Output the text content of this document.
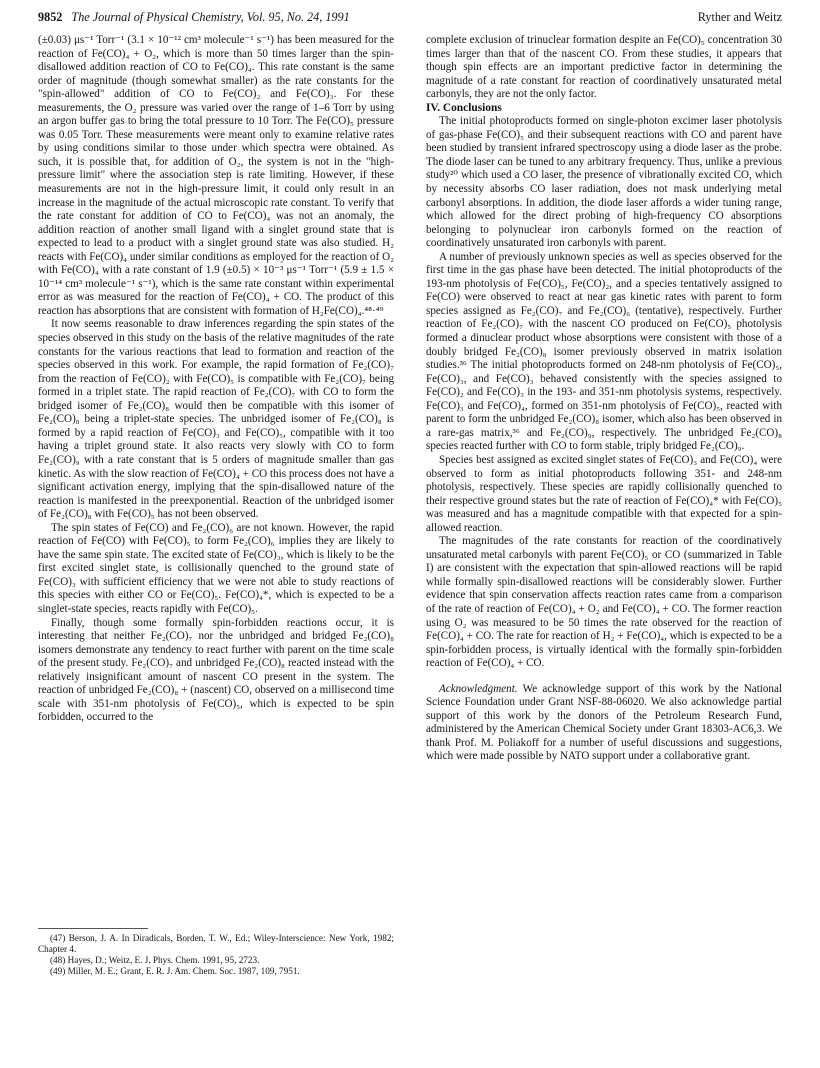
9852 The Journal of Physical Chemistry, Vol. 95, No. 24, 1991	Ryther and Weitz

(±0.03) μs⁻¹ Torr⁻¹ (3.1 × 10⁻¹² cm³ molecule⁻¹ s⁻¹) has been measured for the reaction of Fe(CO)₄ + O₂, which is more than 50 times larger than the spin-disallowed addition reaction of CO to Fe(CO)₄. This rate constant is the same order of magnitude (though somewhat smaller) as the rate constants for the "spin-allowed" addition of CO to Fe(CO)₂ and Fe(CO)₃. For these measurements, the O₂ pressure was varied over the range of 1–6 Torr by using an argon buffer gas to bring the total pressure to 10 Torr. The Fe(CO)₅ pressure was 0.05 Torr. These measurements were meant only to examine relative rates by using conditions similar to those under which spectra were obtained. As such, it is possible that, for addition of O₂, the system is not in the "high-pressure limit" where the association step is rate limiting. However, if these measurements are not in the high-pressure limit, it could only result in an increase in the magnitude of the actual microscopic rate constant. To verify that the rate constant for addition of CO to Fe(CO)₄ was not an anomaly, the addition reaction of another small ligand with a singlet ground state that is expected to lead to a product with a singlet ground state was also studied. H₂ reacts with Fe(CO)₄ under similar conditions as employed for the reaction of O₂ with Fe(CO)₄ with a rate constant of 1.9 (±0.5) × 10⁻³ μs⁻¹ Torr⁻¹ (5.9 ± 1.5 × 10⁻¹⁴ cm³ molecule⁻¹ s⁻¹), which is the same rate constant within experimental error as was measured for the reaction of Fe(CO)₄ + CO. The product of this reaction has absorptions that are consistent with formation of H₂Fe(CO)₄.⁴⁸·⁴⁹

It now seems reasonable to draw inferences regarding the spin states of the species observed in this study on the basis of the relative magnitudes of the rate constants for the various reactions that lead to formation and reaction of the species observed in this work. For example, the rapid formation of Fe₂(CO)₇ from the reaction of Fe(CO)₂ with Fe(CO)₅ is compatible with Fe₂(CO)₇ being formed in a triplet state. The rapid reaction of Fe₂(CO)₇ with CO to form the bridged isomer of Fe₂(CO)₈ would then be compatible with this isomer of Fe₂(CO)₈ being a triplet-state species. The unbridged isomer of Fe₂(CO)₈ is formed by a rapid reaction of Fe(CO)₃ and Fe(CO)₅, compatible with it too having a triplet ground state. It also reacts very slowly with CO to form Fe₂(CO)₉ with a rate constant that is 5 orders of magnitude smaller than gas kinetic. As with the slow reaction of Fe(CO)₄ + CO this process does not have a significant activation energy, implying that the spin-disallowed nature of the reaction is manifested in the preexponential. Reaction of the unbridged isomer of Fe₂(CO)₈ with Fe(CO)₅ has not been observed.

The spin states of Fe(CO) and Fe₂(CO)₆ are not known. However, the rapid reaction of Fe(CO) with Fe(CO)₅ to form Fe₂(CO)₆ implies they are likely to have the same spin state. The excited state of Fe(CO)₃, which is likely to be the first excited singlet state, is collisionally quenched to the ground state of Fe(CO)₃ with sufficient efficiency that we were not able to study reactions of this species with either CO or Fe(CO)₅. Fe(CO)₄*, which is expected to be a singlet-state species, reacts rapidly with Fe(CO)₅.

Finally, though some formally spin-forbidden reactions occur, it is interesting that neither Fe₂(CO)₇ nor the unbridged and bridged Fe₂(CO)₈ isomers demonstrate any tendency to react further with parent on the time scale of the present study. Fe₂(CO)₇ and unbridged Fe₂(CO)₈ reacted instead with the relatively insignificant amount of nascent CO present in the system. The reaction of unbridged Fe₂(CO)₈ + (nascent) CO, observed on a millisecond time scale with 351-nm photolysis of Fe(CO)₅, which is expected to be spin forbidden, occurred to the

(47) Berson, J. A. In Diradicals, Borden, T. W., Ed.; Wiley-Interscience: New York, 1982; Chapter 4.

(48) Hayes, D.; Weitz, E. J. Phys. Chem. 1991, 95, 2723.

(49) Miller, M. E.; Grant, E. R. J. Am. Chem. Soc. 1987, 109, 7951.

complete exclusion of trinuclear formation despite an Fe(CO)₅ concentration 30 times larger than that of the nascent CO. From these studies, it appears that though spin effects are an important predictive factor in determining the magnitude of a rate constant for reaction of coordinatively unsaturated metal carbonyls, they are not the only factor.

IV. Conclusions

The initial photoproducts formed on single-photon excimer laser photolysis of gas-phase Fe(CO)₅ and their subsequent reactions with CO and parent have been studied by transient infrared spectroscopy using a diode laser as the probe. The diode laser can be tuned to any arbitrary frequency. Thus, unlike a previous study²⁰ which used a CO laser, the presence of vibrationally excited CO, which by necessity absorbs CO laser radiation, does not mask underlying metal carbonyl absorptions. In addition, the diode laser affords a wider tuning range, which allowed for the direct probing of high-frequency CO absorptions belonging to polynuclear iron carbonyls formed on the reaction of coordinatively unsaturated iron carbonyls with parent.

A number of previously unknown species as well as species observed for the first time in the gas phase have been detected. The initial photoproducts of the 193-nm photolysis of Fe(CO)₅, Fe(CO)₂, and a species tentatively assigned to Fe(CO) were observed to react at near gas kinetic rates with parent to form species assigned as Fe₂(CO)₇ and Fe₂(CO)₆ (tentative), respectively. Further reaction of Fe₂(CO)₇ with the nascent CO produced on Fe(CO)₅ photolysis formed a dinuclear product whose absorptions were consistent with those of a doubly bridged Fe₂(CO)₈ isomer previously observed in matrix isolation studies.³⁶ The initial photoproducts formed on 248-nm photolysis of Fe(CO)₅, Fe(CO)₃, and Fe(CO)₃ behaved consistently with the species assigned to Fe(CO)₂ and Fe(CO)₃ in the 193- and 351-nm photolysis systems, respectively. Fe(CO)₃ and Fe(CO)₄, formed on 351-nm photolysis of Fe(CO)₅, reacted with parent to form the unbridged Fe₂(CO)₈ isomer, which also has been observed in a rare-gas matrix,³⁶ and Fe₂(CO)₉, respectively. The unbridged Fe₂(CO)₈ species reacted further with CO to form stable, triply bridged Fe₂(CO)₉.

Species best assigned as excited singlet states of Fe(CO)₃ and Fe(CO)₄ were observed to form as initial photoproducts following 351- and 248-nm photolysis, respectively. These species are rapidly collisionally quenched to their respective ground states but the rate of reaction of Fe(CO)₄* with Fe(CO)₅ was measured and has a magnitude compatible with that expected for a spin-allowed reaction.

The magnitudes of the rate constants for reaction of the coordinatively unsaturated metal carbonyls with parent Fe(CO)₅ or CO (summarized in Table I) are consistent with the expectation that spin-allowed reactions will be rapid while formally spin-disallowed reactions will be considerably slower. Further evidence that spin conservation affects reaction rates came from a comparison of the rate of reaction of Fe(CO)₄ + O₂ and Fe(CO)₄ + CO. The former reaction using O₂ was measured to be 50 times the rate observed for the reaction of Fe(CO)₄ + CO. The rate for reaction of H₂ + Fe(CO)₄, which is expected to be a spin-forbidden process, is virtually identical with the formally spin-forbidden reaction of Fe(CO)₄ + CO.

Acknowledgment. We acknowledge support of this work by the National Science Foundation under Grant NSF-88-06020. We also acknowledge partial support of this work by the donors of the Petroleum Research Fund, administered by the American Chemical Society under Grant 18303-AC6,3. We thank Prof. M. Poliakoff for a number of useful discussions and suggestions, which were made possible by NATO support under a collaborative grant.
